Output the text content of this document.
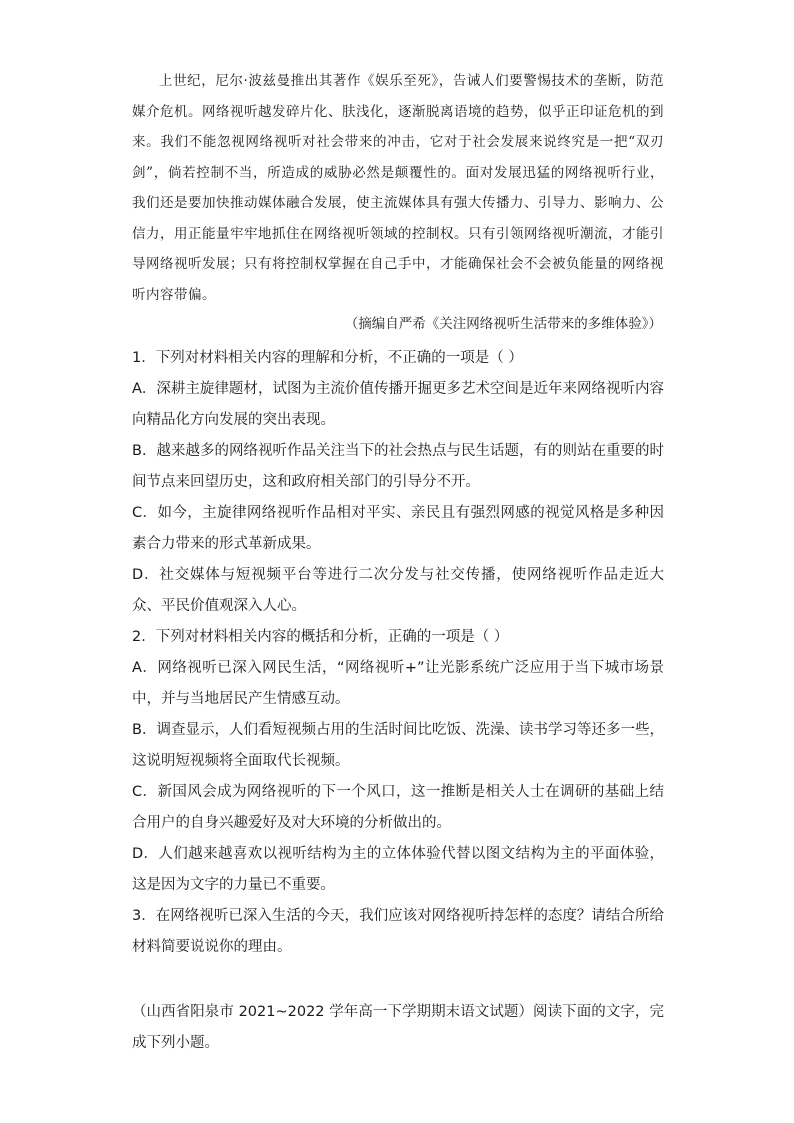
上世纪，尼尔·波兹曼推出其著作《娱乐至死》，告诫人们要警惕技术的垄断，防范媒介危机。网络视听越发碎片化、肤浅化，逐渐脱离语境的趋势，似乎正印证危机的到来。我们不能忽视网络视听对社会带来的冲击，它对于社会发展来说终究是一把“双刃剑”，倘若控制不当，所造成的威胁必然是颠覆性的。面对发展迅猛的网络视听行业，我们还是要加快推动媒体融合发展，使主流媒体具有强大传播力、引导力、影响力、公信力，用正能量牢牢地抓住在网络视听领域的控制权。只有引领网络视听潮流，才能引导网络视听发展；只有将控制权掌握在自己手中，才能确保社会不会被负能量的网络视听内容带偏。

（摘编自严希《关注网络视听生活带来的多维体验》）

1．下列对材料相关内容的理解和分析，不正确的一项是（ ）

A．深耕主旋律题材，试图为主流价值传播开掘更多艺术空间是近年来网络视听内容向精品化方向发展的突出表现。

B．越来越多的网络视听作品关注当下的社会热点与民生话题，有的则站在重要的时间节点来回望历史，这和政府相关部门的引导分不开。

C．如今，主旋律网络视听作品相对平实、亲民且有强烈网感的视觉风格是多种因素合力带来的形式革新成果。

D．社交媒体与短视频平台等进行二次分发与社交传播，使网络视听作品走近大众、平民价值观深入人心。

2．下列对材料相关内容的概括和分析，正确的一项是（ ）

A．网络视听已深入网民生活，“网络视听+”让光影系统广泛应用于当下城市场景中，并与当地居民产生情感互动。

B．调查显示，人们看短视频占用的生活时间比吃饭、洗澡、读书学习等还多一些，这说明短视频将全面取代长视频。

C．新国风会成为网络视听的下一个风口，这一推断是相关人士在调研的基础上结合用户的自身兴趣爱好及对大环境的分析做出的。

D．人们越来越喜欢以视听结构为主的立体体验代替以图文结构为主的平面体验，这是因为文字的力量已不重要。

3．在网络视听已深入生活的今天，我们应该对网络视听持怎样的态度？请结合所给材料简要说说你的理由。

（山西省阳泉市 2021~2022 学年高一下学期期末语文试题）阅读下面的文字，完成下列小题。
